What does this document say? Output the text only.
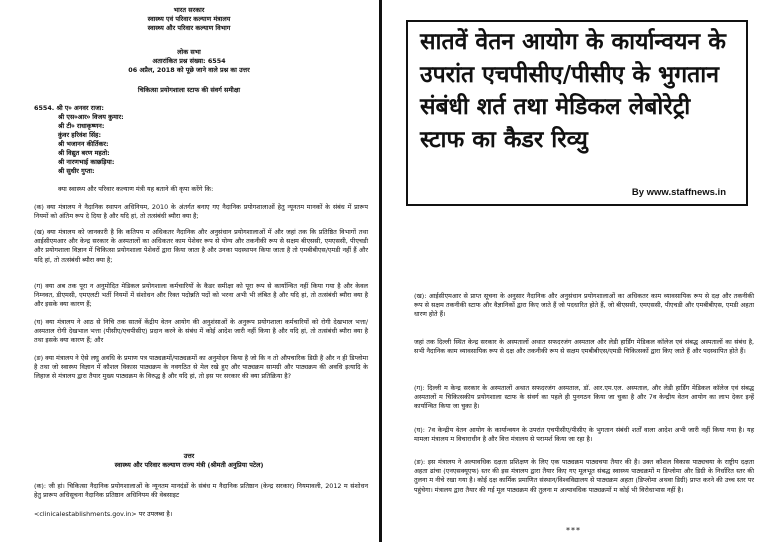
भारत सरकार
स्वास्थ्य एवं परिवार कल्याण मंत्रालय
स्वास्थ्य और परिवार कल्याण विभाग
लोक सभा
अतारांकित प्रश्न संख्या: 6554
06 अप्रैल, 2018 को पूछे जाने वाले प्रश्न का उत्तर
चिकित्सा प्रयोगशाला स्टाफ की संवर्ग समीक्षा
6554. श्री ए० अनवर राजा:
श्री एस०आर० विजय कुमार:
श्री टी० राधाकृष्णन:
कुंवर हरिवंश सिंह:
श्री भजानन कीर्तिकर:
श्री विद्युत बरण महतो:
श्री नारणभाई काछड़िया:
श्री सुधीर गुप्ता:
क्या स्वास्थ्य और परिवार कल्याण मंत्री यह बताने की कृपा करेंगे कि:
(क) क्या मंत्रालय ने नैदानिक स्थापन अधिनियम, 2010 के अंतर्गत बनाए गए नैदानिक प्रयोगशालाओं हेतु न्यूनतम मानकों के संबंध में प्रारूप नियमों को अंतिम रूप दे दिया है और यदि हां, तो तत्संबंधी ब्यौरा क्या है;
(ख) क्या मंत्रालय को जानकारी है कि कतिपय म अधिकतर नैदानिक और अनुसंधान प्रयोगशालाओं में और जहां तक कि प्रतिष्ठित विभागों तथा आईसीएमआर और केन्द्र सरकार के अस्पतालों का अधिकतर काम पेशेवर रूप से योग्य और तकनीकी रूप से सक्षम बीएससी, एमएससी, पीएचडी और प्रयोगशाला विज्ञान में चिकित्सा प्रयोगशाला पेशेवरों द्वारा किया जाता है और उनका पदस्थापन किया जाता है तो एमबीबीएस/एमडी नहीं हैं और यदि हां, तो तत्संबंधी ब्यौरा क्या है;
(ग) क्या अब तक पूरा न अनुमोदित मेडिकल प्रयोगशाला कर्मचारियों के कैडर समीक्षा को पूरा रूप से कार्यान्वित नहीं किया गया है और केवल निम्नवत, डीएमसी, एमएलटी भर्ती नियमों में संशोधन और रिक्त पदोन्नति पदों को भरना अभी भी लंबित है और यदि हां, तो तत्संबंधी ब्यौरा क्या है और इसके क्या कारण हैं;
(घ) क्या मंत्रालय ने आठ से निचि तक सातवें केंद्रीय वेतन आयोग की अनुशंसाओं के अनुरूप प्रयोगशाला कर्मचारियों को रोगी देखभाल भत्ता/अस्पताल रोगी देखभाल भत्ता (पीसीए/एचपीसीए) प्रदान करने के संबंध में कोई आदेश जारी नहीं किया है और यदि हां, तो तत्संबंधी ब्यौरा क्या है तथा इसके क्या कारण हैं; और
(ङ) क्या मंत्रालय ने ऐसे लघु अवधि के प्रमाण पत्र पाठ्यक्रमों/पाठ्यक्रमों का अनुमोदन किया है जो कि न तो औपचारिक डिग्री है और न ही डिप्लोमा है तथा जो स्वास्थ्य विज्ञान में कौशल विकास पाठ्यक्रम के नवगठित से मेल रखे हुए और पाठ्यक्रम सामग्री और पाठ्यक्रम की अवधि इत्यादि के लिहाज से मंत्रालय द्वारा तैयार मुख्य पाठ्यक्रम के विरुद्ध है और यदि हां, तो इस पर सरकार की क्या प्रतिक्रिया है?
उत्तर
स्वास्थ्य और परिवार कल्याण राज्य मंत्री (श्रीमती अनुप्रिया पटेल)
(क): जी हां। चिकित्सा नैदानिक प्रयोगशालाओं के न्यूनतम मानदंडों के संबंध म नैदानिक प्रतिष्ठान (केन्द्र सरकार) नियमावली, 2012 म संशोधन हेतु प्रारूप अधिसूचना नैदानिक प्रतिष्ठान अधिनियम की वेबसाइट
<clinicalestablishments.gov.in> पर उपलब्ध है।
(ख): आईसीएमआर से प्राप्त सूचना के अनुसार नैदानिक और अनुसंधान प्रयोगशालाओं का अधिकतर काम व्यावसायिक रूप से दक्ष और तकनीकी रूप से सक्षम तकनीकी स्टाफ और वैज्ञानिकों द्वारा किए जाते हैं जो पदधारित होते हैं, जो बीएससी, एमएससी, पीएचडी और एमबीबीएस, एमडी अहता धारण होते हैं।
जहां तक दिल्ली स्थित केन्द्र सरकार के अस्पतालों अथात सफदरजंग अस्पताल और लेडी हार्डिंग मेडिकल कॉलेज एवं संबद्ध अस्पतालों का संबंध है, सभी नैदानिक काम व्यावसायिक रूप से दक्ष और तकनीकी रूप से सक्षम एमबीबीएस/एमडी चिकित्सकों द्वारा किए जाते हैं और पदस्थापित होते हैं।
(ग): दिल्ली म केन्द्र सरकार के अस्पतालों अथात सफदरजंग अस्पताल, डॉ. आर.एम.एल. अस्पताल, और लेडी हार्डिंग मेडिकल कॉलेज एवं संबद्ध अस्पतालों म चिकित्सकीय प्रयोगशाला स्टाफ के संवर्ग का पहले ही पुनगठन किया जा चुका है और 7व केन्द्रीय वेतन आयोग का लाभ देकर इन्हें कार्यान्वित किया जा चुका है।
(घ): 7व केन्द्रीय वेतन आयोग के कार्यान्वयन के उपरांत एचपीसीए/पीसीए के भुगतान संबंधी शर्तों वाला आदेश अभी जारी नहीं किया गया है। यह मामला मंत्रालय म विचाराधीन है और वित्त मंत्रालय से परामर्श किया जा रहा है।
(ङ): इस मंत्रालय ने अल्पावधिक दक्षता प्रशिक्षण के लिए एक पाठ्यक्रम पाठ्यचया तैयार की है। उक्त कौशल विकास पाठ्यचया के राष्ट्रीय दक्षता अहता ढांचा (एनएसक्यूएफ) स्तर की इस मंत्रालय द्वारा तैयार किए गए मूलभूत संबद्ध स्वास्थ्य पाठ्यक्रमों म डिप्लोमा और डिग्री के निर्धारित स्तर की तुलना म नीचे रखा गया है। कोई दक्ष कार्मिक प्रमाणित संस्थान/विश्वविद्यालय से पाठ्यक्रम अहता (डिप्लोमा अथवा डिग्री) प्राप्त करने की उच्च स्तर पर पहुंचेगा। मंत्रालय द्वारा तैयार की गई मूल पाठ्यक्रम की तुलना म अल्पावधिक पाठ्यक्रमों म कोई भी विरोधाभास नहीं है।
***
सातवें वेतन आयोग के कार्यान्वयन के उपरांत एचपीसीए/पीसीए के भुगतान संबंधी शर्त तथा मेडिकल लेबोरेट्री स्टाफ का कैडर रिव्यु
By www.staffnews.in
